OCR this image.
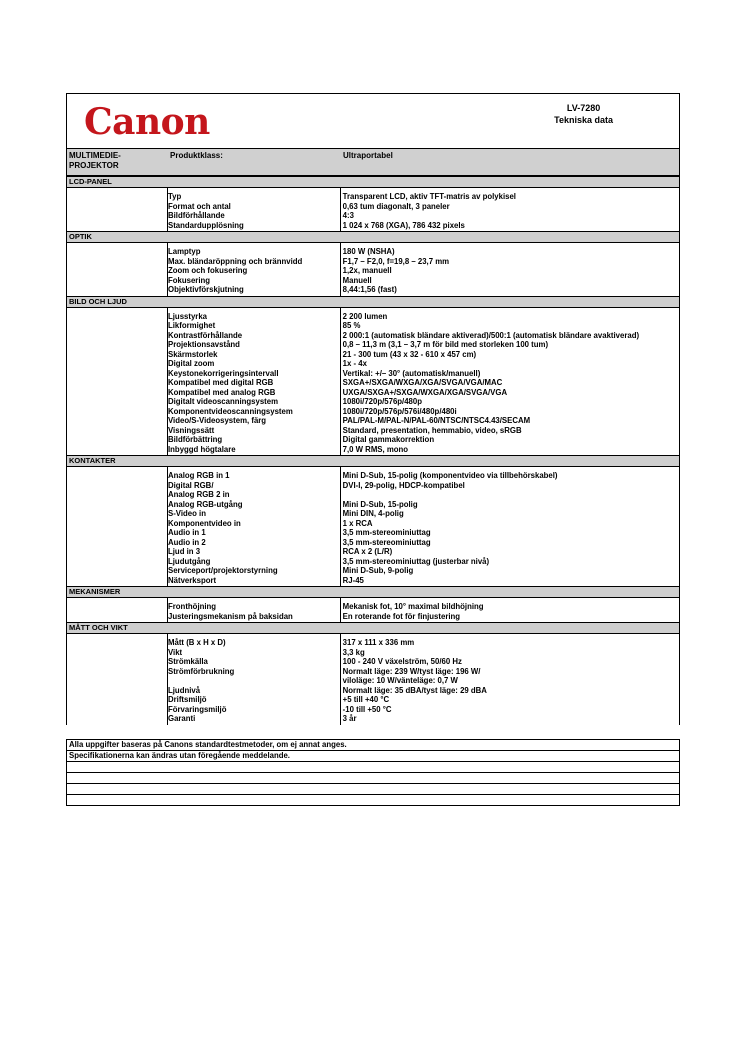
Canon	LV-7280
Tekniska data
MULTIMEDIE-
PROJEKTOR
Produktklass:	Ultraportabel
LCD-PANEL
Typ	Transparent LCD, aktiv TFT-matris av polykisel
Format och antal	0,63 tum diagonalt, 3 paneler
Bildförhållande	4:3
Standardupplösning	1 024 x 768 (XGA), 786 432 pixels
OPTIK
Lamptyp	180 W (NSHA)
Max. bländaröppning och brännvidd	F1,7 – F2,0, f=19,8 – 23,7 mm
Zoom och fokusering	1,2x, manuell
Fokusering	Manuell
Objektivförskjutning	8,44:1,56 (fast)
BILD OCH LJUD
Ljusstyrka	2 200 lumen
Likformighet	85 %
Kontrastförhållande	2 000:1 (automatisk bländare aktiverad)/500:1 (automatisk bländare avaktiverad)
Projektionsavstånd	0,8 – 11,3 m (3,1 – 3,7 m för bild med storleken 100 tum)
Skärmstorlek	21 - 300 tum (43 x 32 - 610 x 457 cm)
Digital zoom	1x - 4x
Keystonekorrigeringsintervall	Vertikal: +/– 30° (automatisk/manuell)
Kompatibel med digital RGB	SXGA+/SXGA/WXGA/XGA/SVGA/VGA/MAC
Kompatibel med analog RGB	UXGA/SXGA+/SXGA/WXGA/XGA/SVGA/VGA
Digitalt videoscanningsystem	1080i/720p/576p/480p
Komponentvideoscanningsystem	1080i/720p/576p/576i/480p/480i
Video/S-Videosystem, färg	PAL/PAL-M/PAL-N/PAL-60/NTSC/NTSC4.43/SECAM
Visningssätt	Standard, presentation, hemmabio, video, sRGB
Bildförbättring	Digital gammakorrektion
Inbyggd högtalare	7,0 W RMS, mono
KONTAKTER
Analog RGB in 1	Mini D-Sub, 15-polig (komponentvideo via tillbehörskabel)
Digital RGB/	DVI-I, 29-polig, HDCP-kompatibel
Analog RGB 2 in
Analog RGB-utgång	Mini D-Sub, 15-polig
S-Video in	Mini DIN, 4-polig
Komponentvideo in	1 x RCA
Audio in 1	3,5 mm-stereominiuttag
Audio in 2	3,5 mm-stereominiuttag
Ljud in 3	RCA x 2 (L/R)
Ljudutgång	3,5 mm-stereominiuttag (justerbar nivå)
Serviceport/projektorstyrning	Mini D-Sub, 9-polig
Nätverksport	RJ-45
MEKANISMER
Fronthöjning	Mekanisk fot, 10° maximal bildhöjning
Justeringsmekanism på baksidan	En roterande fot för finjustering
MÅTT OCH VIKT
Mått (B x H x D)	317 x 111 x 336 mm
Vikt	3,3 kg
Strömkälla	100 - 240 V växelström, 50/60 Hz
Strömförbrukning	Normalt läge: 239 W/tyst läge: 196 W/
viloläge: 10 W/vänteläge: 0,7 W
Ljudnivå	Normalt läge: 35 dBA/tyst läge: 29 dBA
Driftsmiljö	+5 till +40 °C
Förvaringsmiljö	-10 till +50 °C
Garanti	3 år
Alla uppgifter baseras på Canons standardtestmetoder, om ej annat anges.
Specifikationerna kan ändras utan föregående meddelande.
